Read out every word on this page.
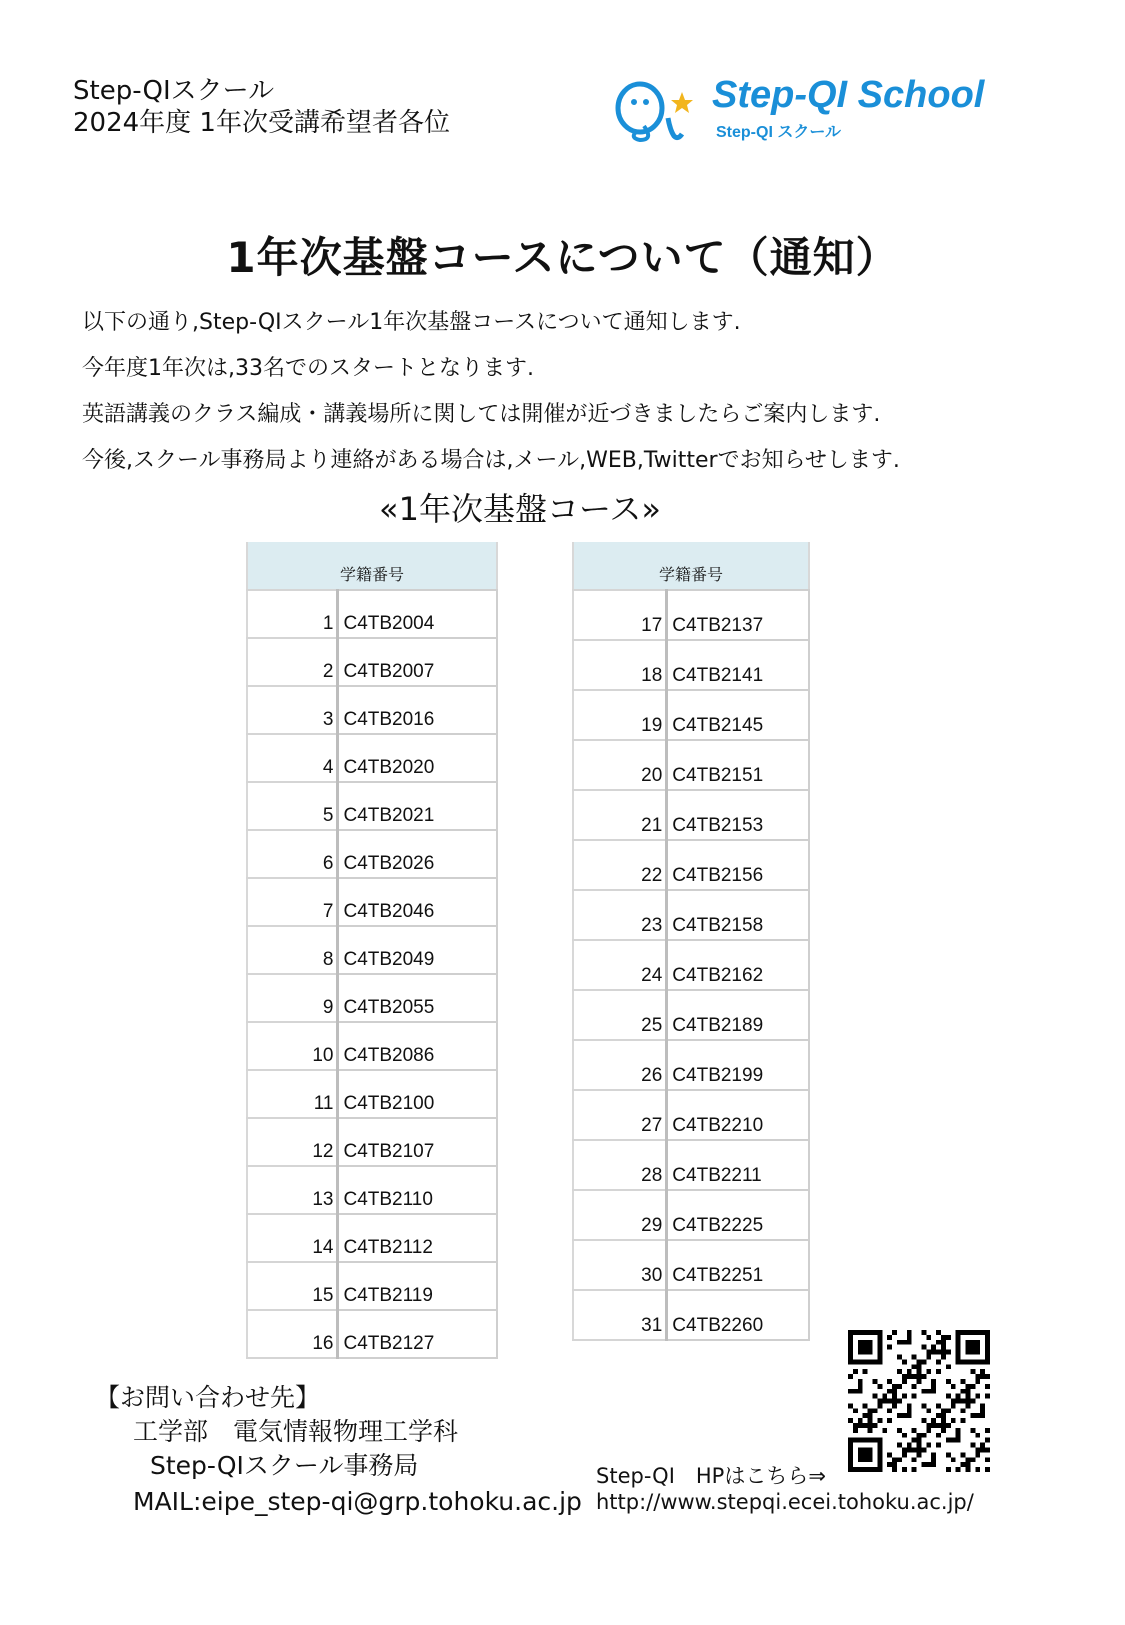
Step-QIスクール
2024年度 1年次受講希望者各位
Step-QI School
Step-QI スクール
1年次基盤コースについて（通知）
以下の通り,Step-QIスクール1年次基盤コースについて通知します.
今年度1年次は,33名でのスタートとなります.
英語講義のクラス編成・講義場所に関しては開催が近づきましたらご案内します.
今後,スクール事務局より連絡がある場合は,メール,WEB,Twitterでお知らせします.
«1年次基盤コース»
学籍番号	
1	C4TB2004
2	C4TB2007
3	C4TB2016
4	C4TB2020
5	C4TB2021
6	C4TB2026
7	C4TB2046
8	C4TB2049
9	C4TB2055
10	C4TB2086
11	C4TB2100
12	C4TB2107
13	C4TB2110
14	C4TB2112
15	C4TB2119
16	C4TB2127
学籍番号	
17	C4TB2137
18	C4TB2141
19	C4TB2145
20	C4TB2151
21	C4TB2153
22	C4TB2156
23	C4TB2158
24	C4TB2162
25	C4TB2189
26	C4TB2199
27	C4TB2210
28	C4TB2211
29	C4TB2225
30	C4TB2251
31	C4TB2260
【お問い合わせ先】
工学部　電気情報物理工学科
Step-QIスクール事務局
MAIL:eipe_step-qi@grp.tohoku.ac.jp
Step-QI　HPはこちら⇒
http://www.stepqi.ecei.tohoku.ac.jp/
